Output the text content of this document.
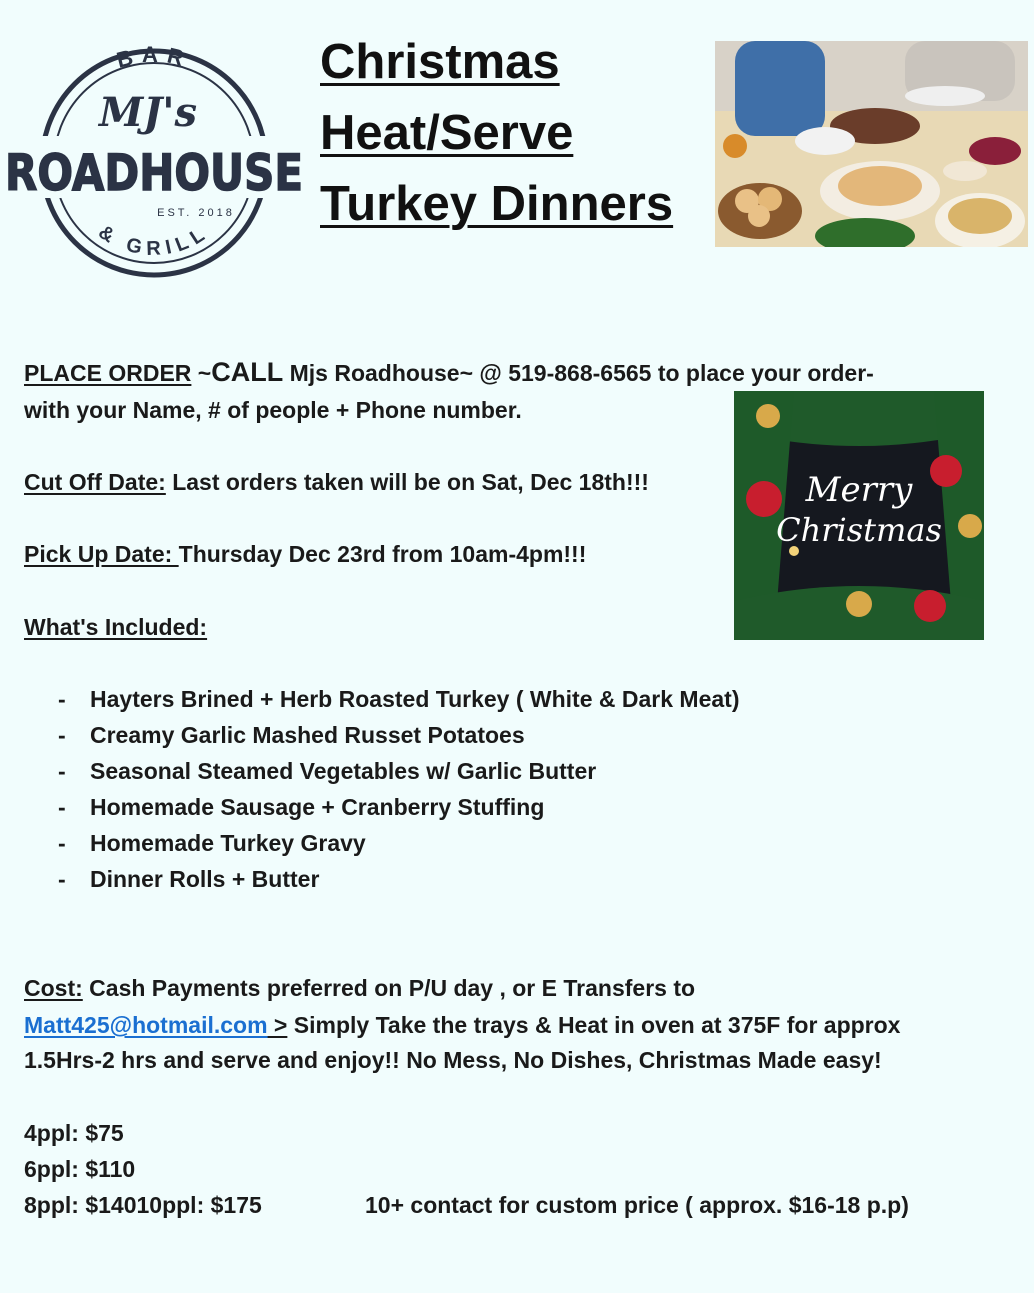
BAR
MJ's
ROADHOUSE
EST. 2018
& GRILL
Christmas
Heat/Serve
Turkey Dinners
Merry
Christmas
PLACE ORDER ~CALL Mjs Roadhouse~ @ 519-868-6565 to place your order-
with your Name, # of people + Phone number.
Cut Off Date: Last orders taken will be on Sat, Dec 18th!!!
Pick Up Date: Thursday Dec 23rd from 10am-4pm!!!
What's Included:
- Hayters Brined + Herb Roasted Turkey ( White & Dark Meat)
- Creamy Garlic Mashed Russet Potatoes
- Seasonal Steamed Vegetables w/ Garlic Butter
- Homemade Sausage + Cranberry Stuffing
- Homemade Turkey Gravy
- Dinner Rolls + Butter
Cost: Cash Payments preferred on P/U day , or E Transfers to
Matt425@hotmail.com > Simply Take the trays & Heat in oven at 375F for approx
1.5Hrs-2 hrs and serve and enjoy!! No Mess, No Dishes, Christmas Made easy!
4ppl: $75
6ppl: $110
8ppl: $14010ppl: $175	10+ contact for custom price ( approx. $16-18 p.p)
